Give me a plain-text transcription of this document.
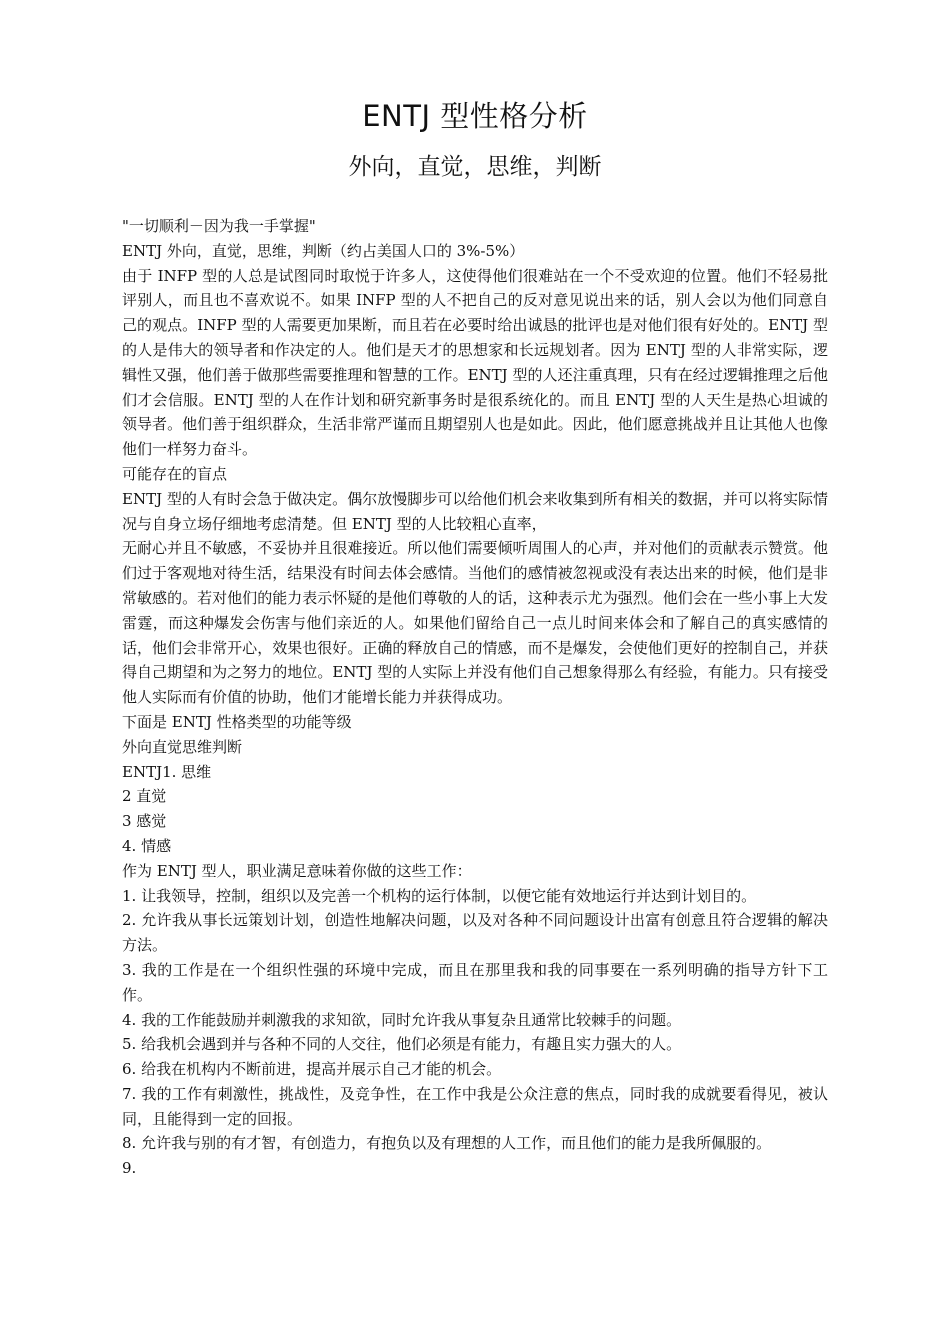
ENTJ 型性格分析
外向，直觉，思维，判断

"一切顺利－因为我一手掌握"

ENTJ 外向，直觉，思维，判断（约占美国人口的 3%-5%）

由于 INFP 型的人总是试图同时取悦于许多人，这使得他们很难站在一个不受欢迎的位置。他们不轻易批评别人，而且也不喜欢说不。如果 INFP 型的人不把自己的反对意见说出来的话，别人会以为他们同意自己的观点。INFP 型的人需要更加果断，而且若在必要时给出诚恳的批评也是对他们很有好处的。ENTJ 型的人是伟大的领导者和作决定的人。他们是天才的思想家和长远规划者。因为 ENTJ 型的人非常实际，逻辑性又强，他们善于做那些需要推理和智慧的工作。ENTJ 型的人还注重真理，只有在经过逻辑推理之后他们才会信服。ENTJ 型的人在作计划和研究新事务时是很系统化的。而且 ENTJ 型的人天生是热心坦诚的领导者。他们善于组织群众，生活非常严谨而且期望别人也是如此。因此，他们愿意挑战并且让其他人也像他们一样努力奋斗。

可能存在的盲点

ENTJ 型的人有时会急于做决定。偶尔放慢脚步可以给他们机会来收集到所有相关的数据，并可以将实际情况与自身立场仔细地考虑清楚。但 ENTJ 型的人比较粗心直率，

无耐心并且不敏感，不妥协并且很难接近。所以他们需要倾听周围人的心声，并对他们的贡献表示赞赏。他们过于客观地对待生活，结果没有时间去体会感情。当他们的感情被忽视或没有表达出来的时候，他们是非常敏感的。若对他们的能力表示怀疑的是他们尊敬的人的话，这种表示尤为强烈。他们会在一些小事上大发雷霆，而这种爆发会伤害与他们亲近的人。如果他们留给自己一点儿时间来体会和了解自己的真实感情的话，他们会非常开心，效果也很好。正确的释放自己的情感，而不是爆发，会使他们更好的控制自己，并获得自己期望和为之努力的地位。ENTJ 型的人实际上并没有他们自己想象得那么有经验，有能力。只有接受他人实际而有价值的协助，他们才能增长能力并获得成功。

下面是 ENTJ 性格类型的功能等级

外向直觉思维判断

ENTJ1. 思维

2 直觉

3 感觉

4. 情感

作为 ENTJ 型人，职业满足意味着你做的这些工作：

1. 让我领导，控制，组织以及完善一个机构的运行体制，以便它能有效地运行并达到计划目的。

2. 允许我从事长远策划计划，创造性地解决问题，以及对各种不同问题设计出富有创意且符合逻辑的解决方法。

3. 我的工作是在一个组织性强的环境中完成，而且在那里我和我的同事要在一系列明确的指导方针下工作。

4. 我的工作能鼓励并刺激我的求知欲，同时允许我从事复杂且通常比较棘手的问题。

5. 给我机会遇到并与各种不同的人交往，他们必须是有能力，有趣且实力强大的人。

6. 给我在机构内不断前进，提高并展示自己才能的机会。

7. 我的工作有刺激性，挑战性，及竞争性，在工作中我是公众注意的焦点，同时我的成就要看得见，被认同，且能得到一定的回报。

8. 允许我与别的有才智，有创造力，有抱负以及有理想的人工作，而且他们的能力是我所佩服的。

9.
